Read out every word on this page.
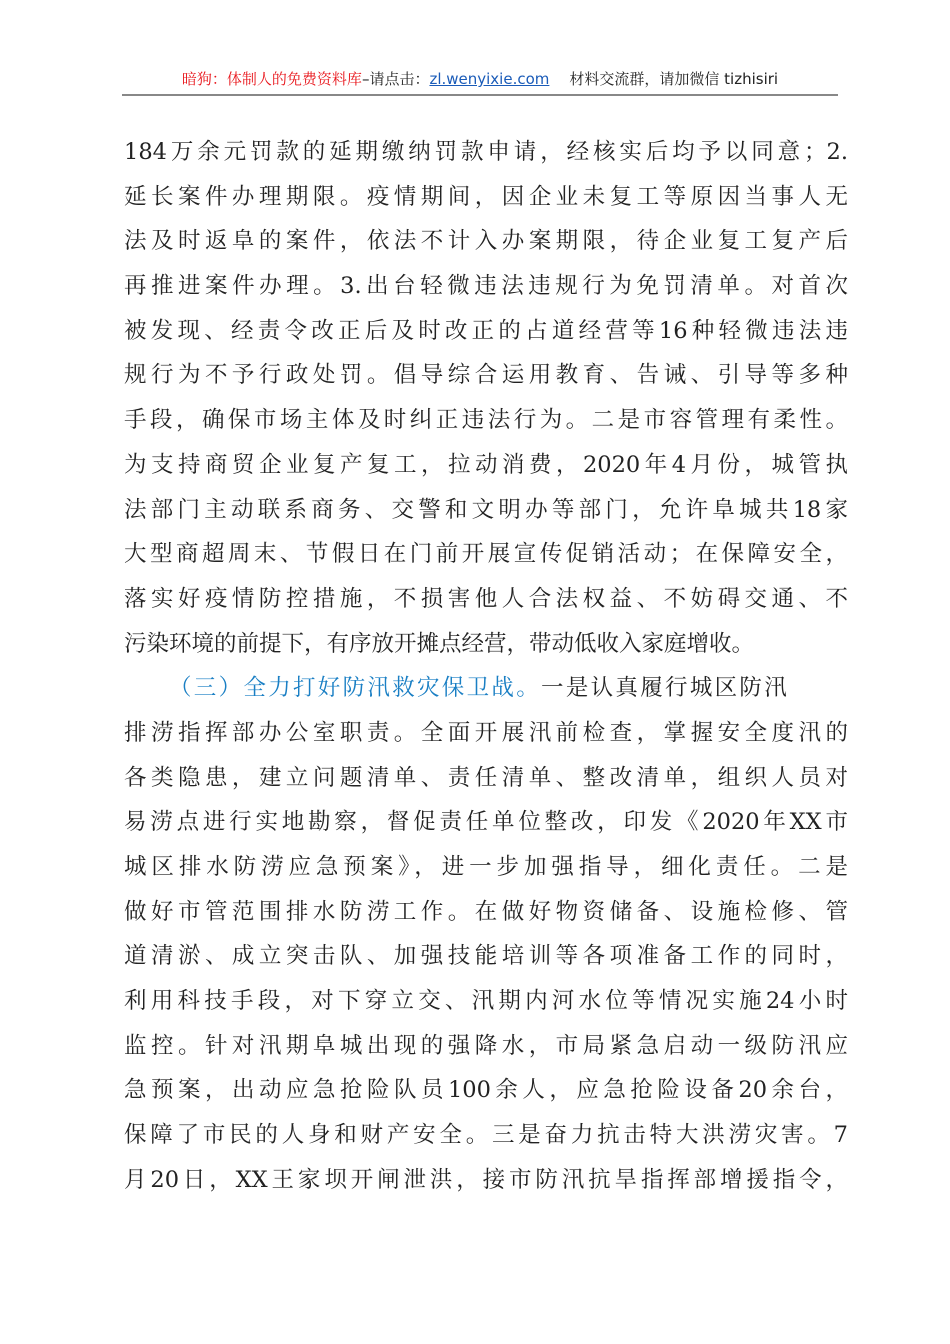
暗狗：体制人的免费资料库–请点击：zl.wenyixie.com 材料交流群，请加微信 tizhisiri
184万余元罚款的延期缴纳罚款申请，经核实后均予以同意；2.
延长案件办理期限。疫情期间，因企业未复工等原因当事人无
法及时返阜的案件，依法不计入办案期限，待企业复工复产后
再推进案件办理。3.出台轻微违法违规行为免罚清单。对首次
被发现、经责令改正后及时改正的占道经营等16种轻微违法违
规行为不予行政处罚。倡导综合运用教育、告诫、引导等多种
手段，确保市场主体及时纠正违法行为。二是市容管理有柔性。
为支持商贸企业复产复工，拉动消费，2020年4月份，城管执
法部门主动联系商务、交警和文明办等部门，允许阜城共18家
大型商超周末、节假日在门前开展宣传促销活动；在保障安全，
落实好疫情防控措施，不损害他人合法权益、不妨碍交通、不
污染环境的前提下，有序放开摊点经营，带动低收入家庭增收。
（三）全力打好防汛救灾保卫战。一是认真履行城区防汛
排涝指挥部办公室职责。全面开展汛前检查，掌握安全度汛的
各类隐患，建立问题清单、责任清单、整改清单，组织人员对
易涝点进行实地勘察，督促责任单位整改，印发《2020年XX市
城区排水防涝应急预案》，进一步加强指导，细化责任。二是
做好市管范围排水防涝工作。在做好物资储备、设施检修、管
道清淤、成立突击队、加强技能培训等各项准备工作的同时，
利用科技手段，对下穿立交、汛期内河水位等情况实施24小时
监控。针对汛期阜城出现的强降水，市局紧急启动一级防汛应
急预案，出动应急抢险队员100余人，应急抢险设备20余台，
保障了市民的人身和财产安全。三是奋力抗击特大洪涝灾害。7
月20日，XX王家坝开闸泄洪，接市防汛抗旱指挥部增援指令，
